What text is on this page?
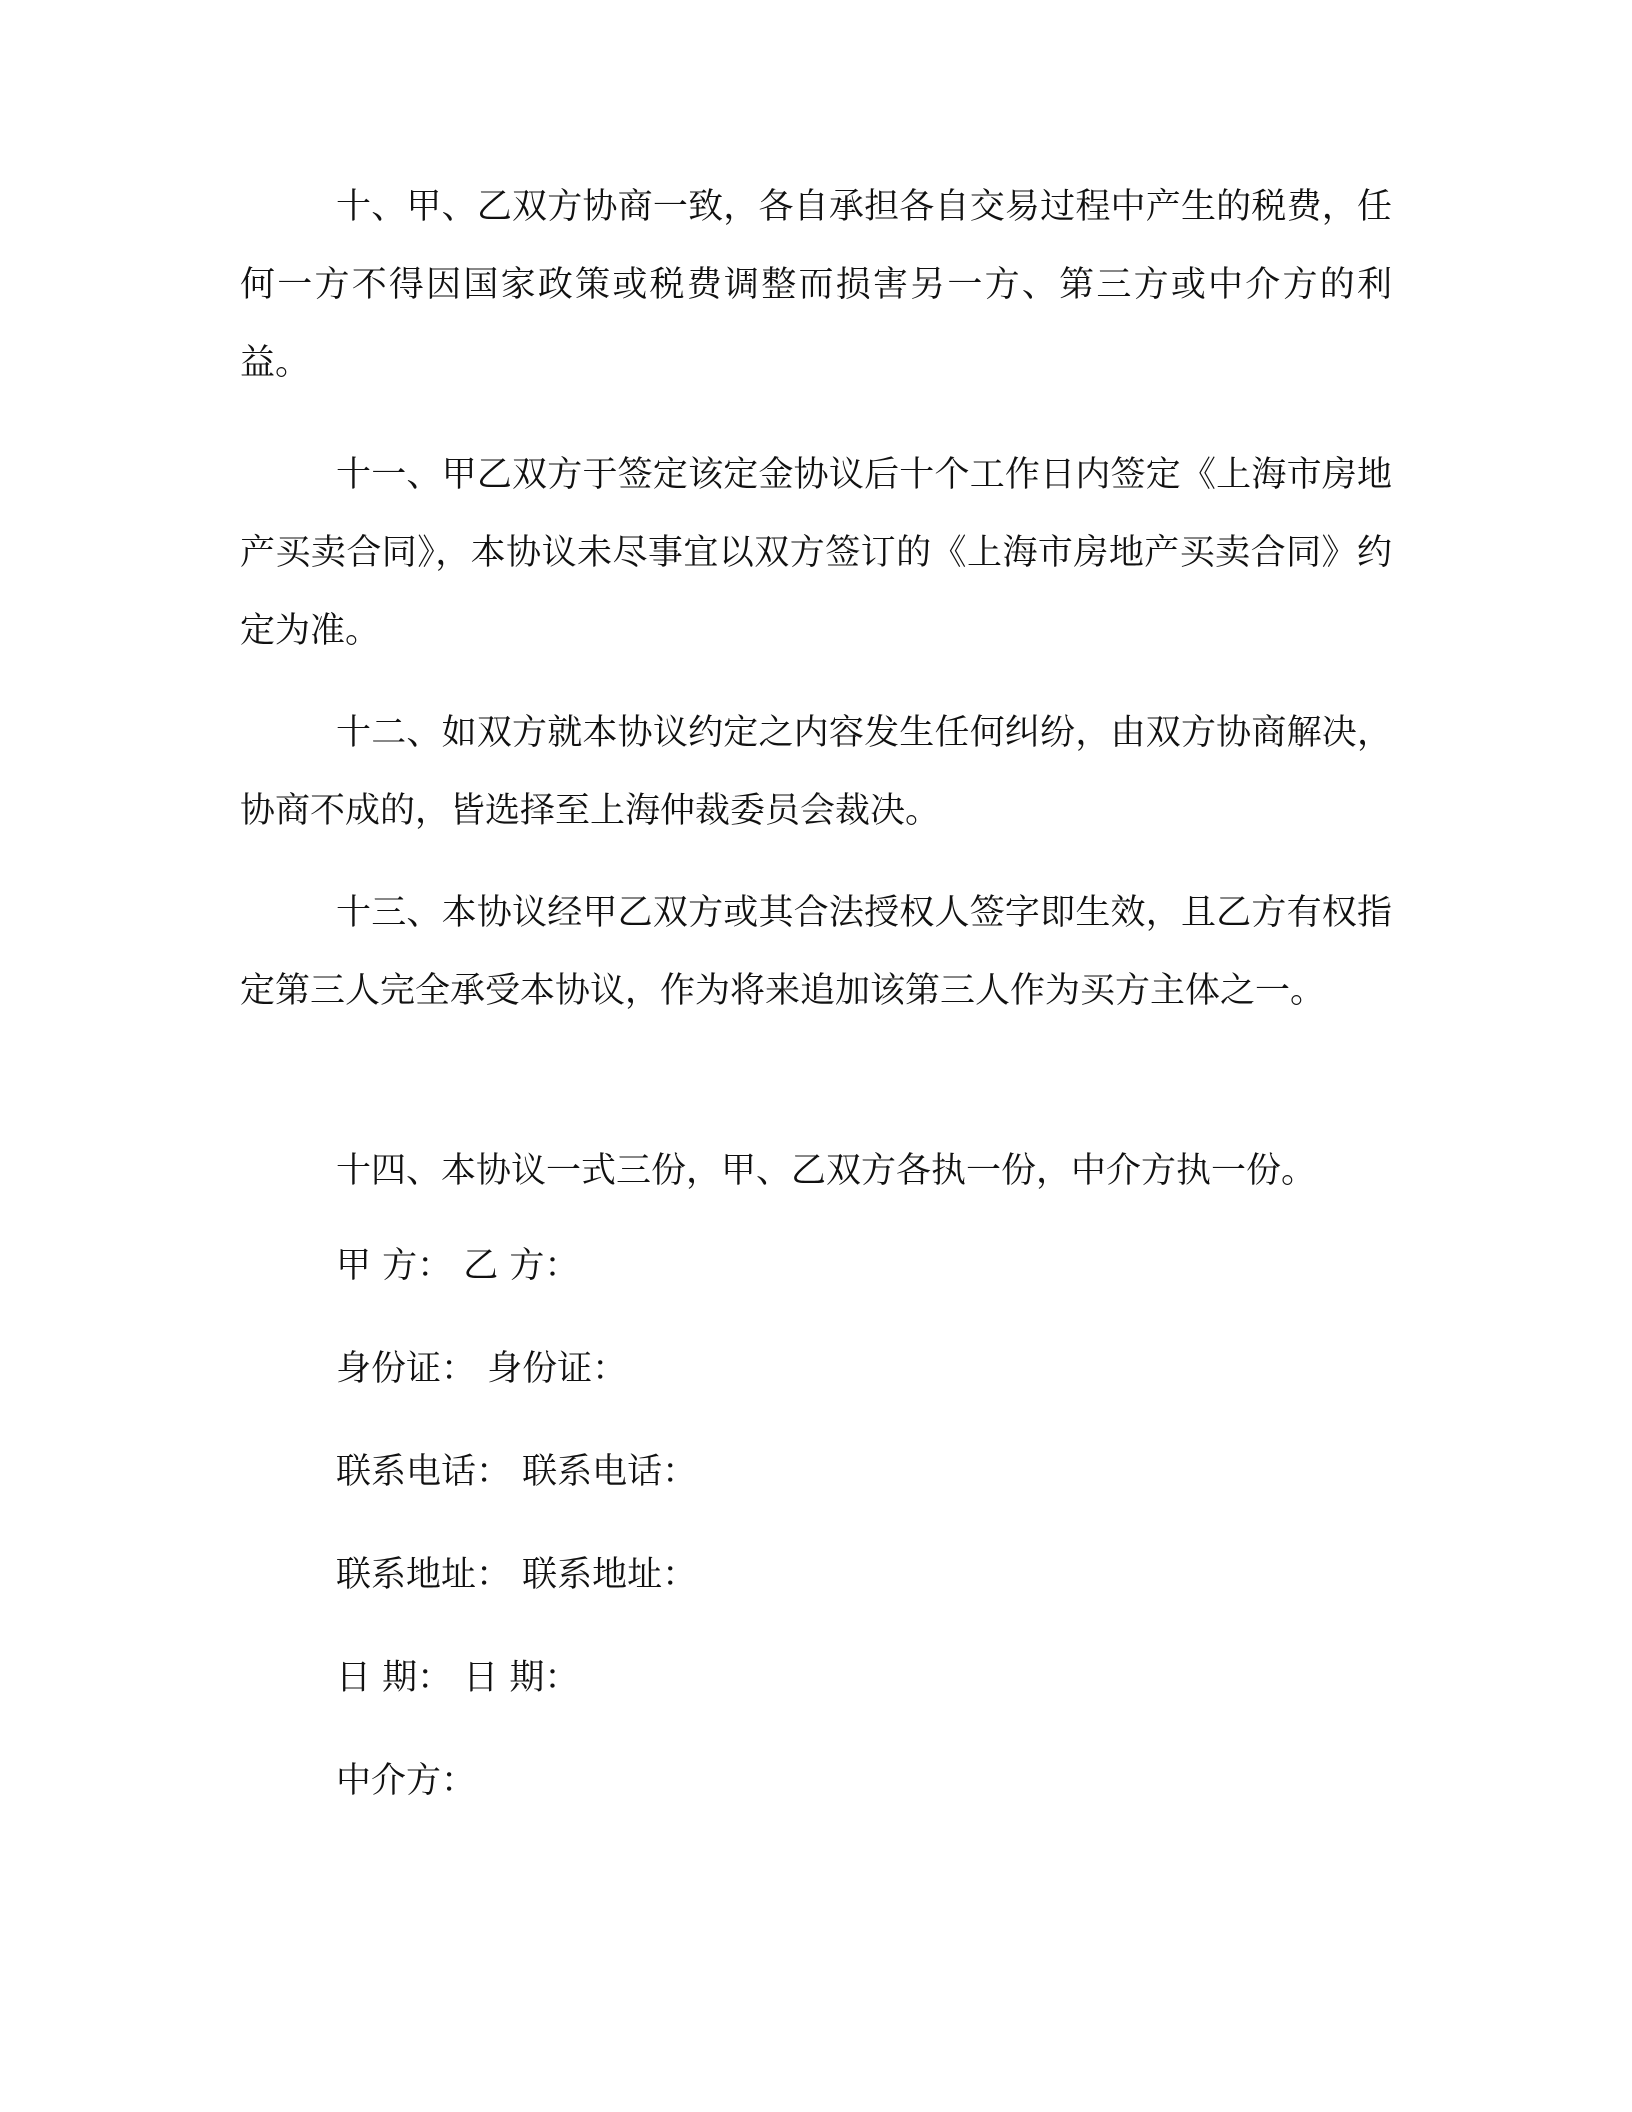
十、甲、乙双方协商一致，各自承担各自交易过程中产生的税费，任何一方不得因国家政策或税费调整而损害另一方、第三方或中介方的利益。

十一、甲乙双方于签定该定金协议后十个工作日内签定《上海市房地产买卖合同》，本协议未尽事宜以双方签订的《上海市房地产买卖合同》约定为准。

十二、如双方就本协议约定之内容发生任何纠纷，由双方协商解决，协商不成的，皆选择至上海仲裁委员会裁决。

十三、本协议经甲乙双方或其合法授权人签字即生效，且乙方有权指定第三人完全承受本协议，作为将来追加该第三人作为买方主体之一。

十四、本协议一式三份，甲、乙双方各执一份，中介方执一份。

甲 方： 乙 方：

身份证： 身份证：

联系电话： 联系电话：

联系地址： 联系地址：

日 期： 日 期：

中介方：
